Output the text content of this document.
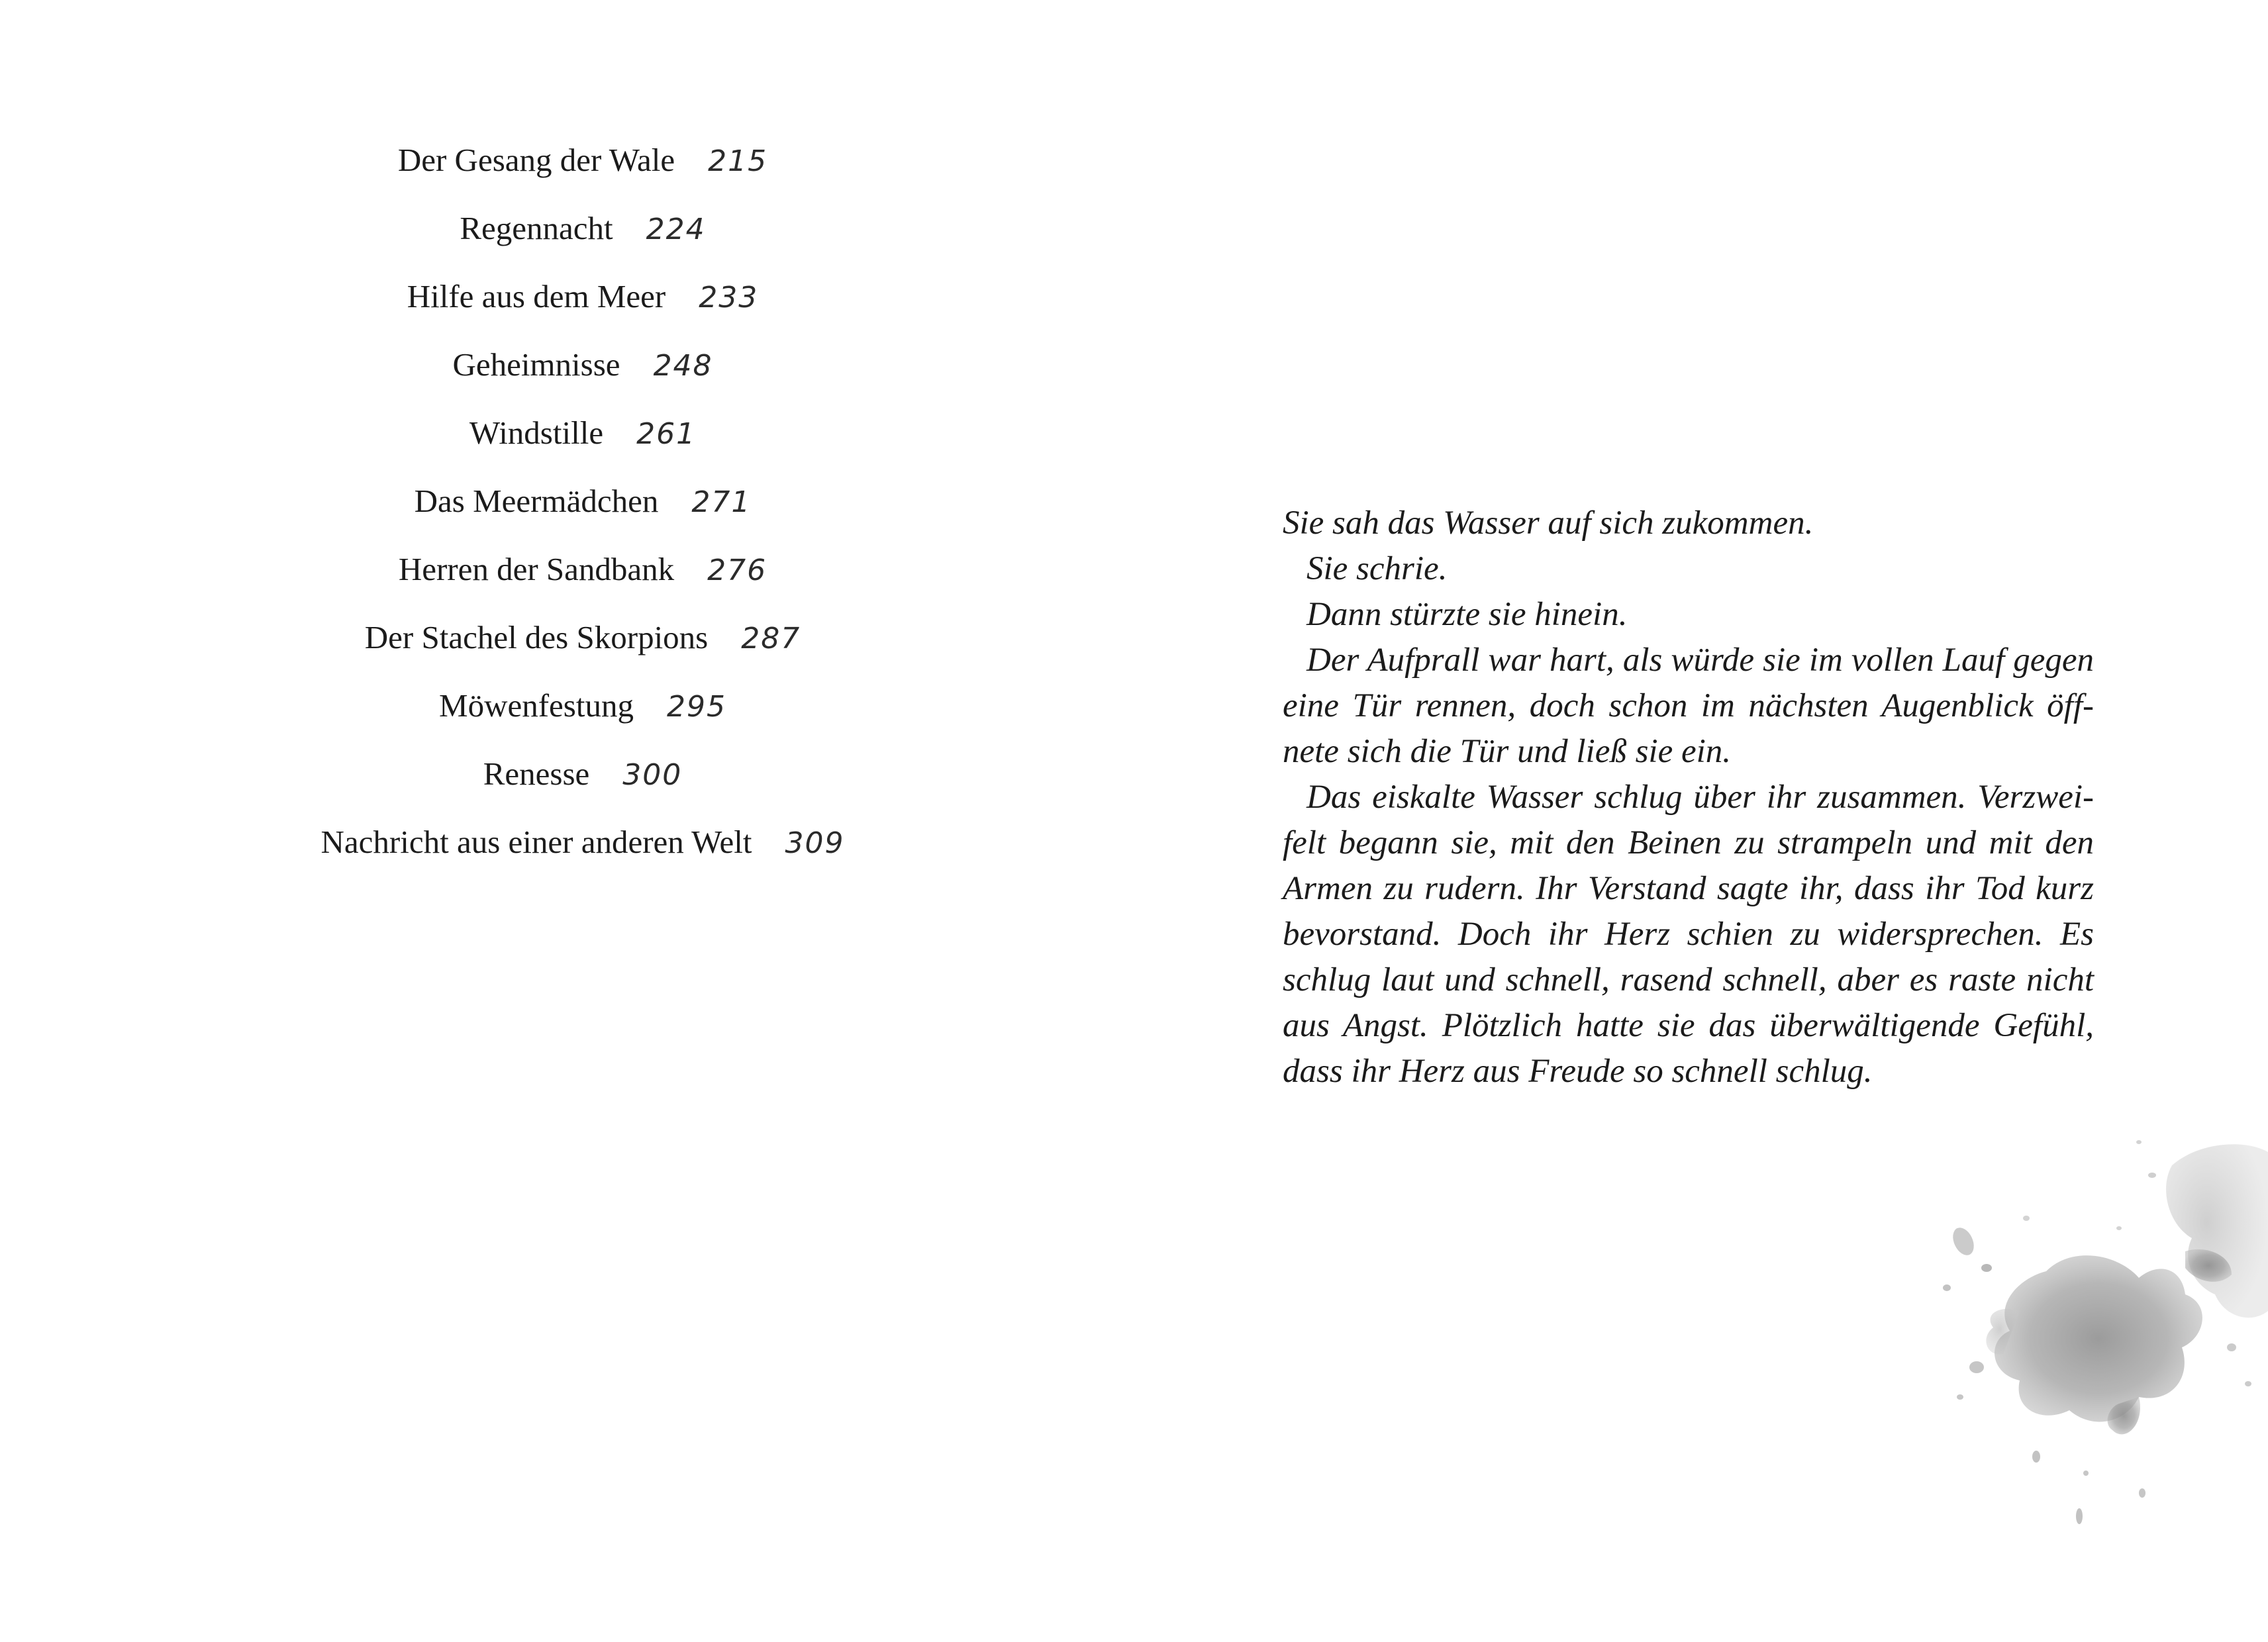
Der Gesang der Wale 215
Regennacht 224
Hilfe aus dem Meer 233
Geheimnisse 248
Windstille 261
Das Meermädchen 271
Herren der Sandbank 276
Der Stachel des Skorpions 287
Möwenfestung 295
Renesse 300
Nachricht aus einer anderen Welt 309

Sie sah das Wasser auf sich zukommen.

Sie schrie.

Dann stürzte sie hinein.

Der Aufprall war hart, als würde sie im vollen Lauf gegen eine Tür rennen, doch schon im nächsten Augenblick öffnete sich die Tür und ließ sie ein.

Das eiskalte Wasser schlug über ihr zusammen. Verzweifelt begann sie, mit den Beinen zu strampeln und mit den Armen zu rudern. Ihr Verstand sagte ihr, dass ihr Tod kurz bevorstand. Doch ihr Herz schien zu widersprechen. Es schlug laut und schnell, rasend schnell, aber es raste nicht aus Angst. Plötzlich hatte sie das überwältigende Gefühl, dass ihr Herz aus Freude so schnell schlug.
